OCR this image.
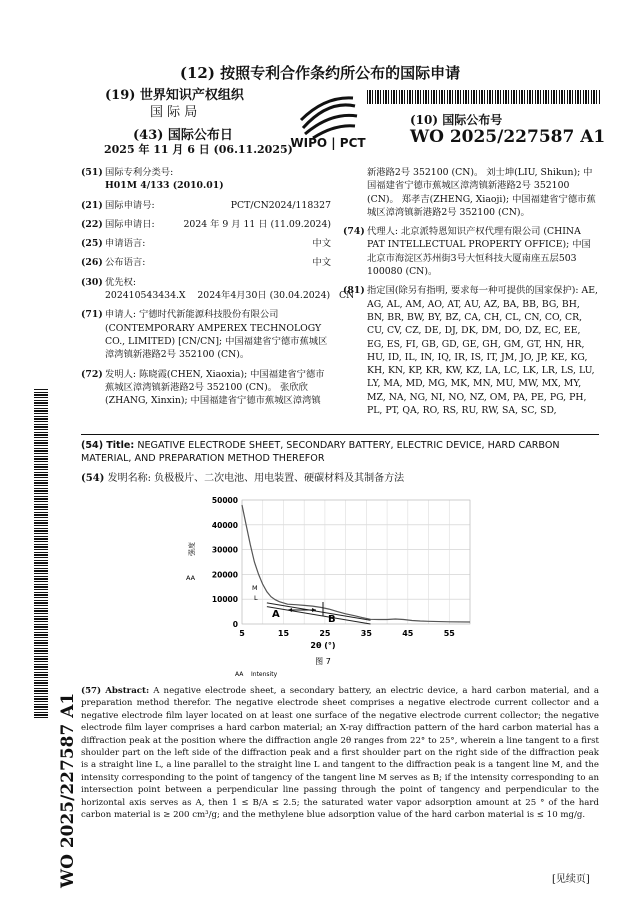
(12) 按照专利合作条约所公布的国际申请
(19) 世界知识产权组织
国 际 局
(43) 国际公布日
2025 年 11 月 6 日 (06.11.2025)
WIPO | PCT
(10) 国际公布号
WO 2025/227587 A1
(51) 国际专利分类号:
H01M 4/133 (2010.01)
(21) 国际申请号:	PCT/CN2024/118327
(22) 国际申请日:	2024 年 9 月 11 日 (11.09.2024)
(25) 申请语言:	中文
(26) 公布语言:	中文
(30) 优先权:
202410543434.X    2024年4月30日 (30.04.2024)   CN
(71) 申请人: 宁德时代新能源科技股份有限公司 (CONTEMPORARY AMPEREX TECHNOLOGY CO., LIMITED) [CN/CN]; 中国福建省宁德市蕉城区漳湾镇新港路2号 352100 (CN)。
(72) 发明人: 陈晓霞(CHEN, Xiaoxia); 中国福建省宁德市蕉城区漳湾镇新港路2号 352100 (CN)。 张欣欣 (ZHANG, Xinxin); 中国福建省宁德市蕉城区漳湾镇
新港路2号 352100 (CN)。 刘士坤(LIU, Shikun); 中国福建省宁德市蕉城区漳湾镇新港路2号 352100 (CN)。 郑孝吉(ZHENG, Xiaoji); 中国福建省宁德市蕉城区漳湾镇新港路2号 352100 (CN)。
(74) 代理人: 北京派特恩知识产权代理有限公司 (CHINA PAT INTELLECTUAL PROPERTY OFFICE); 中国北京市海淀区苏州街3号大恒科技大厦南座五层503 100080 (CN)。
(81) 指定国(除另有指明, 要求每一种可提供的国家保护): AE, AG, AL, AM, AO, AT, AU, AZ, BA, BB, BG, BH, BN, BR, BW, BY, BZ, CA, CH, CL, CN, CO, CR, CU, CV, CZ, DE, DJ, DK, DM, DO, DZ, EC, EE, EG, ES, FI, GB, GD, GE, GH, GM, GT, HN, HR, HU, ID, IL, IN, IQ, IR, IS, IT, JM, JO, JP, KE, KG, KH, KN, KP, KR, KW, KZ, LA, LC, LK, LR, LS, LU, LY, MA, MD, MG, MK, MN, MU, MW, MX, MY, MZ, NA, NG, NI, NO, NZ, OM, PA, PE, PG, PH, PL, PT, QA, RO, RS, RU, RW, SA, SC, SD,
(54) Title: NEGATIVE ELECTRODE SHEET, SECONDARY BATTERY, ELECTRIC DEVICE, HARD CARBON MATERIAL, AND PREPARATION METHOD THEREFOR
(54) 发明名称: 负极极片、二次电池、用电装置、硬碳材料及其制备方法
0
10000
20000
30000
40000
50000
5	15	25	35	45	55
M
L
A	B
强度
AA
2θ (°)
图 7
AA    Intensity
(57) Abstract: A negative electrode sheet, a secondary battery, an electric device, a hard carbon material, and a preparation method therefor. The negative electrode sheet comprises a negative electrode current collector and a negative electrode film layer located on at least one surface of the negative electrode current collector; the negative electrode film layer comprises a hard carbon material; an X-ray diffraction pattern of the hard carbon material has a diffraction peak at the position where the diffraction angle 2θ ranges from 22° to 25°, wherein a line tangent to a first shoulder part on the left side of the diffraction peak and a first shoulder part on the right side of the diffraction peak is a straight line L, a line parallel to the straight line L and tangent to the diffraction peak is a tangent line M, and the intensity corresponding to the point of tangency of the tangent line M serves as B; if the intensity corresponding to an intersection point between a perpendicular line passing through the point of tangency and perpendicular to the horizontal axis serves as A, then 1 ≤ B/A ≤ 2.5; the saturated water vapor adsorption amount at 25 ° of the hard carbon material is ≥ 200 cm³/g; and the methylene blue adsorption value of the hard carbon material is ≤ 10 mg/g.
WO 2025/227587 A1	[见续页]
